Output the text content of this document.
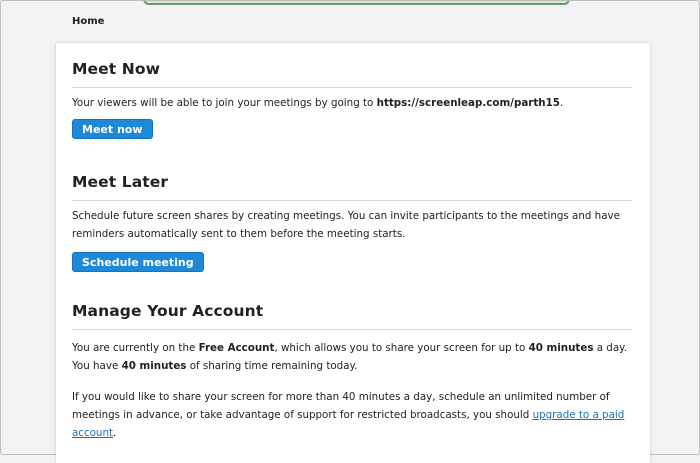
Home
Meet Now

Your viewers will be able to join your meetings by going to https://screenleap.com/parth15.

Meet now
Meet Later

Schedule future screen shares by creating meetings. You can invite participants to the meetings and have reminders automatically sent to them before the meeting starts.

Schedule meeting
Manage Your Account

You are currently on the Free Account, which allows you to share your screen for up to 40 minutes a day. You have 40 minutes of sharing time remaining today.

If you would like to share your screen for more than 40 minutes a day, schedule an unlimited number of meetings in advance, or take advantage of support for restricted broadcasts, you should upgrade to a paid account.
